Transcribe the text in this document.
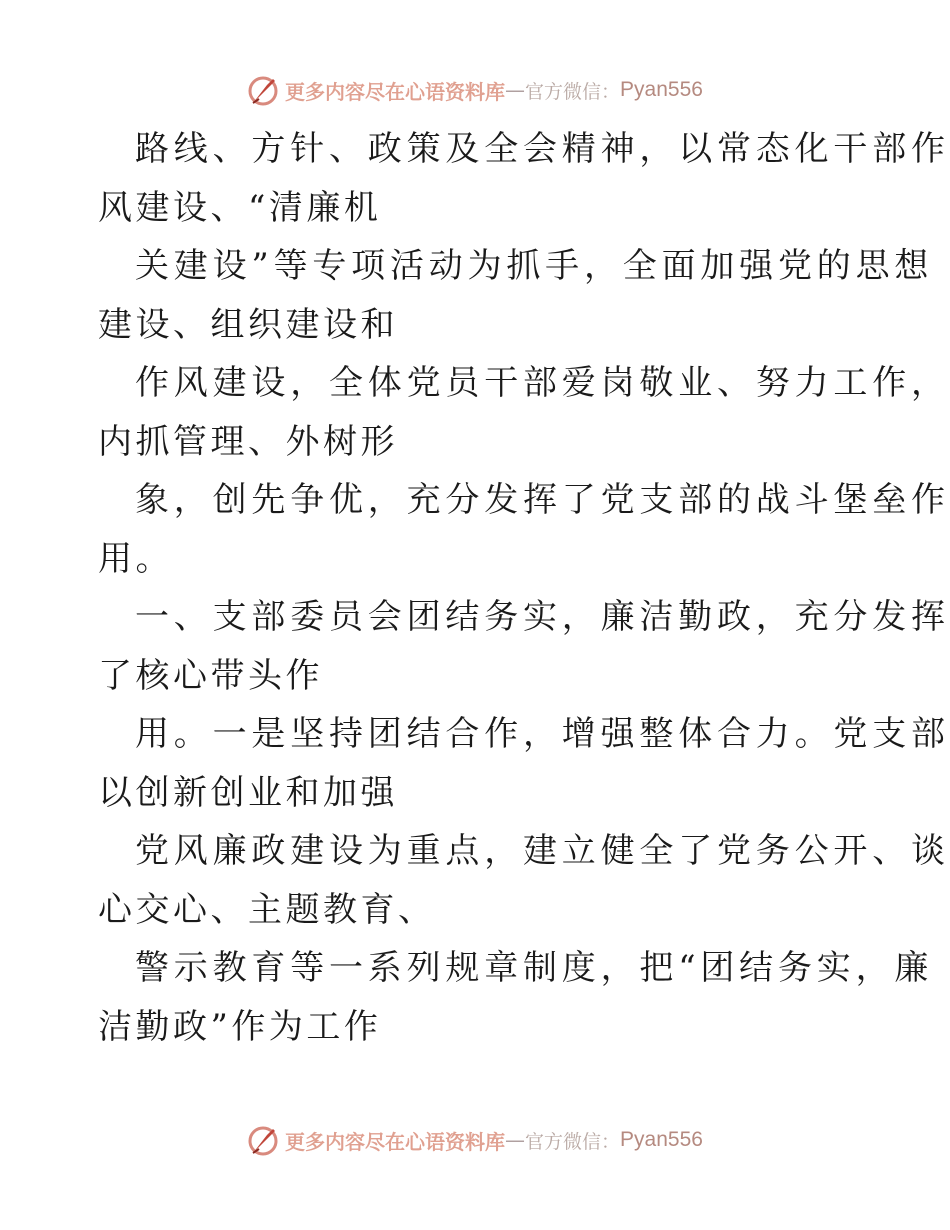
更多内容尽在心语资料库 — 官方微信： Pyan556
路线、方针、政策及全会精神，以常态化干部作
风建设、“清廉机
关建设”等专项活动为抓手，全面加强党的思想
建设、组织建设和
作风建设，全体党员干部爱岗敬业、努力工作，
内抓管理、外树形
象，创先争优，充分发挥了党支部的战斗堡垒作
用。
一、支部委员会团结务实，廉洁勤政，充分发挥
了核心带头作
用。一是坚持团结合作，增强整体合力。党支部
以创新创业和加强
党风廉政建设为重点，建立健全了党务公开、谈
心交心、主题教育、
警示教育等一系列规章制度，把“团结务实，廉
洁勤政”作为工作
更多内容尽在心语资料库 — 官方微信： Pyan556
